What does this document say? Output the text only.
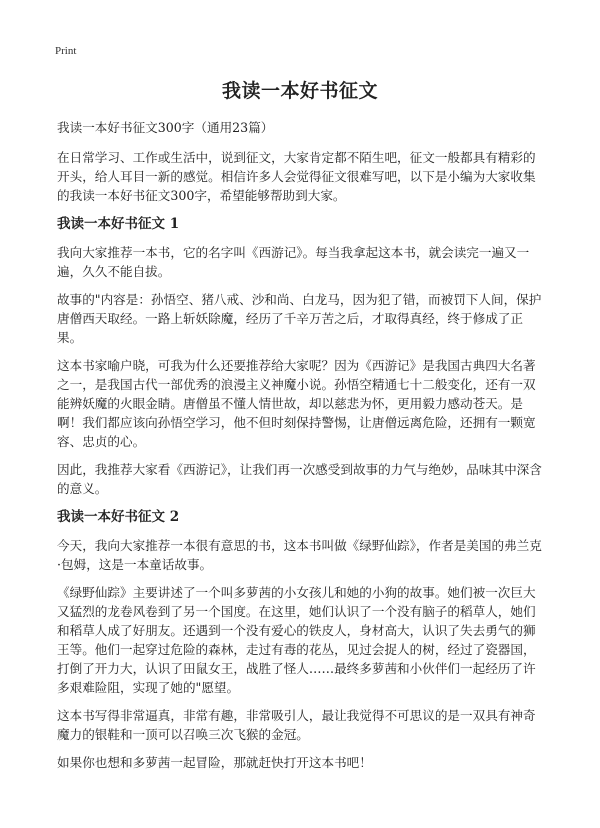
Print
我读一本好书征文

我读一本好书征文300字（通用23篇）

在日常学习、工作或生活中，说到征文，大家肯定都不陌生吧，征文一般都具有精彩的开头，给人耳目一新的感觉。相信许多人会觉得征文很难写吧，以下是小编为大家收集的我读一本好书征文300字，希望能够帮助到大家。

我读一本好书征文 1

我向大家推荐一本书，它的名字叫《西游记》。每当我拿起这本书，就会读完一遍又一遍，久久不能自拔。

故事的"内容是：孙悟空、猪八戒、沙和尚、白龙马，因为犯了错，而被罚下人间，保护唐僧西天取经。一路上斩妖除魔，经历了千辛万苦之后，才取得真经，终于修成了正果。

这本书家喻户晓，可我为什么还要推荐给大家呢？因为《西游记》是我国古典四大名著之一，是我国古代一部优秀的浪漫主义神魔小说。孙悟空精通七十二般变化，还有一双能辨妖魔的火眼金睛。唐僧虽不懂人情世故，却以慈悲为怀，更用毅力感动苍天。是啊！我们都应该向孙悟空学习，他不但时刻保持警惕，让唐僧远离危险，还拥有一颗宽容、忠贞的心。

因此，我推荐大家看《西游记》，让我们再一次感受到故事的力气与绝妙，品味其中深含的意义。

我读一本好书征文 2

今天，我向大家推荐一本很有意思的书，这本书叫做《绿野仙踪》，作者是美国的弗兰克·包姆，这是一本童话故事。

《绿野仙踪》主要讲述了一个叫多萝茜的小女孩儿和她的小狗的故事。她们被一次巨大又猛烈的龙卷风卷到了另一个国度。在这里，她们认识了一个没有脑子的稻草人，她们和稻草人成了好朋友。还遇到一个没有爱心的铁皮人，身材高大，认识了失去勇气的狮王等。他们一起穿过危险的森林，走过有毒的花丛，见过会捉人的树，经过了瓷器国，打倒了开力大，认识了田鼠女王，战胜了怪人……最终多萝茜和小伙伴们一起经历了许多艰难险阻，实现了她的"愿望。

这本书写得非常逼真，非常有趣，非常吸引人，最让我觉得不可思议的是一双具有神奇魔力的银鞋和一顶可以召唤三次飞猴的金冠。

如果你也想和多萝茜一起冒险，那就赶快打开这本书吧！
